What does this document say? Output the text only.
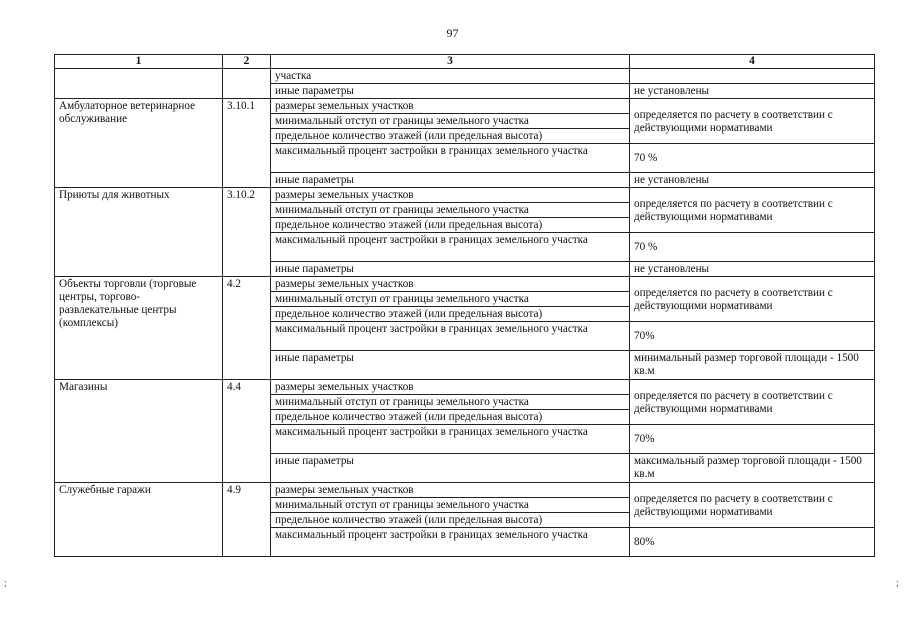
97
1	2	3	4
		участка	
		иные параметры	не установлены
Амбулаторное ветеринарное обслуживание	3.10.1	размеры земельных участков	определяется по расчету в соответствии с действующими нормативами
		минимальный отступ от границы земельного участка	
		предельное количество этажей (или предельная высота)	
		максимальный процент застройки в границах земельного участка	70 %
		иные параметры	не установлены
Приюты для животных	3.10.2	размеры земельных участков	определяется по расчету в соответствии с действующими нормативами
		минимальный отступ от границы земельного участка	
		предельное количество этажей (или предельная высота)	
		максимальный процент застройки в границах земельного участка	70 %
		иные параметры	не установлены
Объекты торговли (торговые центры, торгово-развлекательные центры (комплексы)	4.2	размеры земельных участков	определяется по расчету в соответствии с действующими нормативами
		минимальный отступ от границы земельного участка	
		предельное количество этажей (или предельная высота)	
		максимальный процент застройки в границах земельного участка	70%
		иные параметры	минимальный размер торговой площади - 1500 кв.м
Магазины	4.4	размеры земельных участков	определяется по расчету в соответствии с действующими нормативами
		минимальный отступ от границы земельного участка	
		предельное количество этажей (или предельная высота)	
		максимальный процент застройки в границах земельного участка	70%
		иные параметры	максимальный размер торговой площади - 1500 кв.м
Служебные гаражи	4.9	размеры земельных участков	определяется по расчету в соответствии с действующими нормативами
		минимальный отступ от границы земельного участка	
		предельное количество этажей (или предельная высота)	
		максимальный процент застройки в границах земельного участка	80%
;	;
